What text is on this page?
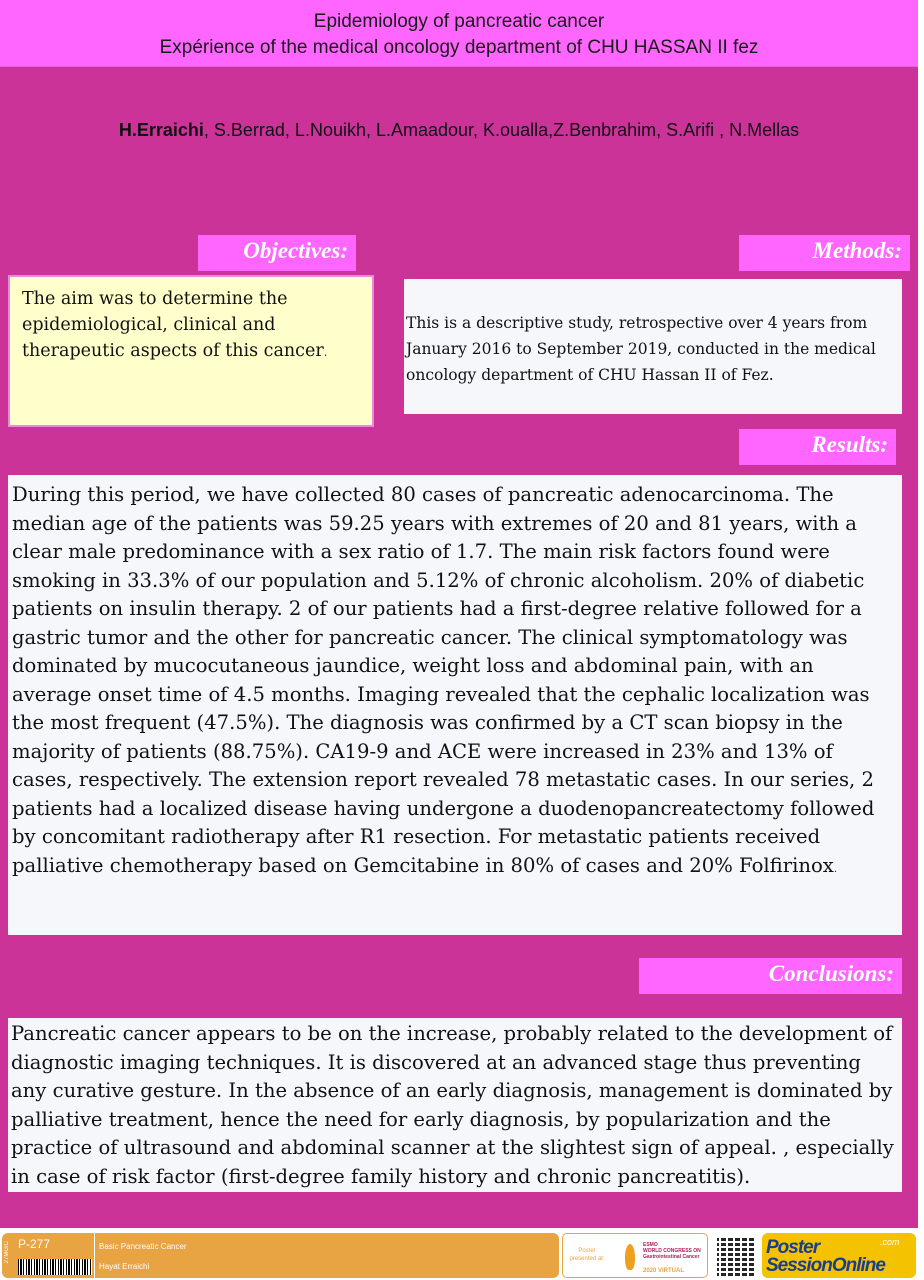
Epidemiology of pancreatic cancer
Expérience of the medical oncology department of CHU HASSAN II fez
H.Erraichi, S.Berrad, L.Nouikh, L.Amaadour, K.oualla,Z.Benbrahim, S.Arifi , N.Mellas
Objectives:	Methods:
The aim was to determine the epidemiological, clinical and therapeutic aspects of this cancer.
This is a descriptive study, retrospective over 4 years from January 2016 to September 2019, conducted in the medical oncology department of CHU Hassan II of Fez.
Results:
During this period, we have collected 80 cases of pancreatic adenocarcinoma. The median age of the patients was 59.25 years with extremes of 20 and 81 years, with a clear male predominance with a sex ratio of 1.7. The main risk factors found were smoking in 33.3% of our population and 5.12% of chronic alcoholism. 20% of diabetic patients on insulin therapy. 2 of our patients had a first-degree relative followed for a gastric tumor and the other for pancreatic cancer. The clinical symptomatology was dominated by mucocutaneous jaundice, weight loss and abdominal pain, with an average onset time of 4.5 months. Imaging revealed that the cephalic localization was the most frequent (47.5%). The diagnosis was confirmed by a CT scan biopsy in the majority of patients (88.75%). CA19-9 and ACE were increased in 23% and 13% of cases, respectively. The extension report revealed 78 metastatic cases. In our series, 2 patients had a localized disease having undergone a duodenopancreatectomy followed by concomitant radiotherapy after R1 resection. For metastatic patients received palliative chemotherapy based on Gemcitabine in 80% of cases and 20% Folfirinox.
Conclusions:
Pancreatic cancer appears to be on the increase, probably related to the development of diagnostic imaging techniques. It is discovered at an advanced stage thus preventing any curative gesture. In the absence of an early diagnosis, management is dominated by palliative treatment, hence the need for early diagnosis, by popularization and the practice of ultrasound and abdominal scanner at the slightest sign of appeal. , especially in case of risk factor (first-degree family history and chronic pancreatitis).
27MGIC P-277	Basic Pancreatic Cancer
Hayat Erraichi
Poster presented at:
ESMO
WORLD CONGRESS ON Gastrointestinal Cancer
2020 VIRTUAL
Poster
SessionOnline
.com
